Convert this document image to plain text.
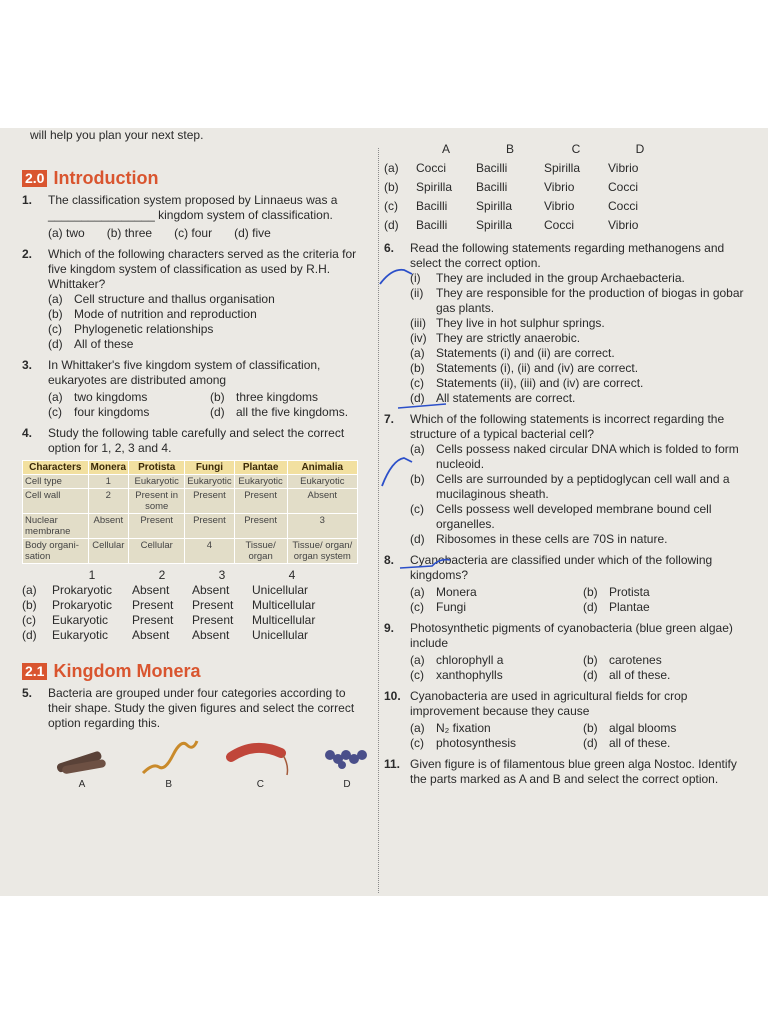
will help you plan your next step.
2.0 Introduction
1.	The classification system proposed by Linnaeus was a ________________ kingdom system of classification.
(a) two (b) three (c) four (d) five
2.	Which of the following characters served as the criteria for five kingdom system of classification as used by R.H. Whittaker?
(a) Cell structure and thallus organisation
(b) Mode of nutrition and reproduction
(c)	Phylogenetic relationships
(d) All of these
3.	In Whittaker's five kingdom system of classification, eukaryotes are distributed among
(a) two kingdoms	(b) three kingdoms
(c)	four kingdoms	(d) all the five kingdoms.
4.	Study the following table carefully and select the correct option for 1, 2, 3 and 4.
Characters	Monera	Protista	Fungi	Plantae	Animalia
Cell type	1	Eukaryotic	Eukaryotic	Eukaryotic	Eukaryotic
Cell wall	2	Present in some	Present	Present	Absent
Nuclear membrane	Absent	Present	Present	Present	3
Body organi- sation	Cellular	Cellular	4	Tissue/ organ	Tissue/ organ/ organ system
1	2	3	4
(a)	Prokaryotic	Absent	Absent	Unicellular
(b)	Prokaryotic	Present	Present	Multicellular
(c)	Eukaryotic	Present	Present	Multicellular
(d)	Eukaryotic	Absent	Absent	Unicellular
2.1 Kingdom Monera
5.	Bacteria are grouped under four categories according to their shape. Study the given figures and select the correct option regarding this.
A	B	C	D
A	B	C	D
(a)	Cocci	Bacilli	Spirilla	Vibrio
(b)	Spirilla	Bacilli	Vibrio	Cocci
(c)	Bacilli	Spirilla	Vibrio	Cocci
(d)	Bacilli	Spirilla	Cocci	Vibrio
6.	Read the following statements regarding methanogens and select the correct option.
(i)	They are included in the group Archaebacteria.
(ii)	They are responsible for the production of biogas in gobar gas plants.
(iii) They live in hot sulphur springs.
(iv) They are strictly anaerobic.
(a) Statements (i) and (ii) are correct.
(b) Statements (i), (ii) and (iv) are correct.
(c)	Statements (ii), (iii) and (iv) are correct.
(d) All statements are correct.
7.	Which of the following statements is incorrect regarding the structure of a typical bacterial cell?
(a) Cells possess naked circular DNA which is folded to form nucleoid.
(b) Cells are surrounded by a peptidoglycan cell wall and a mucilaginous sheath.
(c)	Cells possess well developed membrane bound cell organelles.
(d) Ribosomes in these cells are 70S in nature.
8.	Cyanobacteria are classified under which of the following kingdoms?
(a) Monera	(b) Protista
(c)	Fungi	(d) Plantae
9.	Photosynthetic pigments of cyanobacteria (blue green algae) include
(a) chlorophyll a	(b) carotenes
(c)	xanthophylls	(d) all of these.
10. Cyanobacteria are used in agricultural fields for crop improvement because they cause
(a) N₂ fixation	(b) algal blooms
(c)	photosynthesis	(d) all of these.
11. Given figure is of filamentous blue green alga Nostoc. Identify the parts marked as A and B and select the correct option.
